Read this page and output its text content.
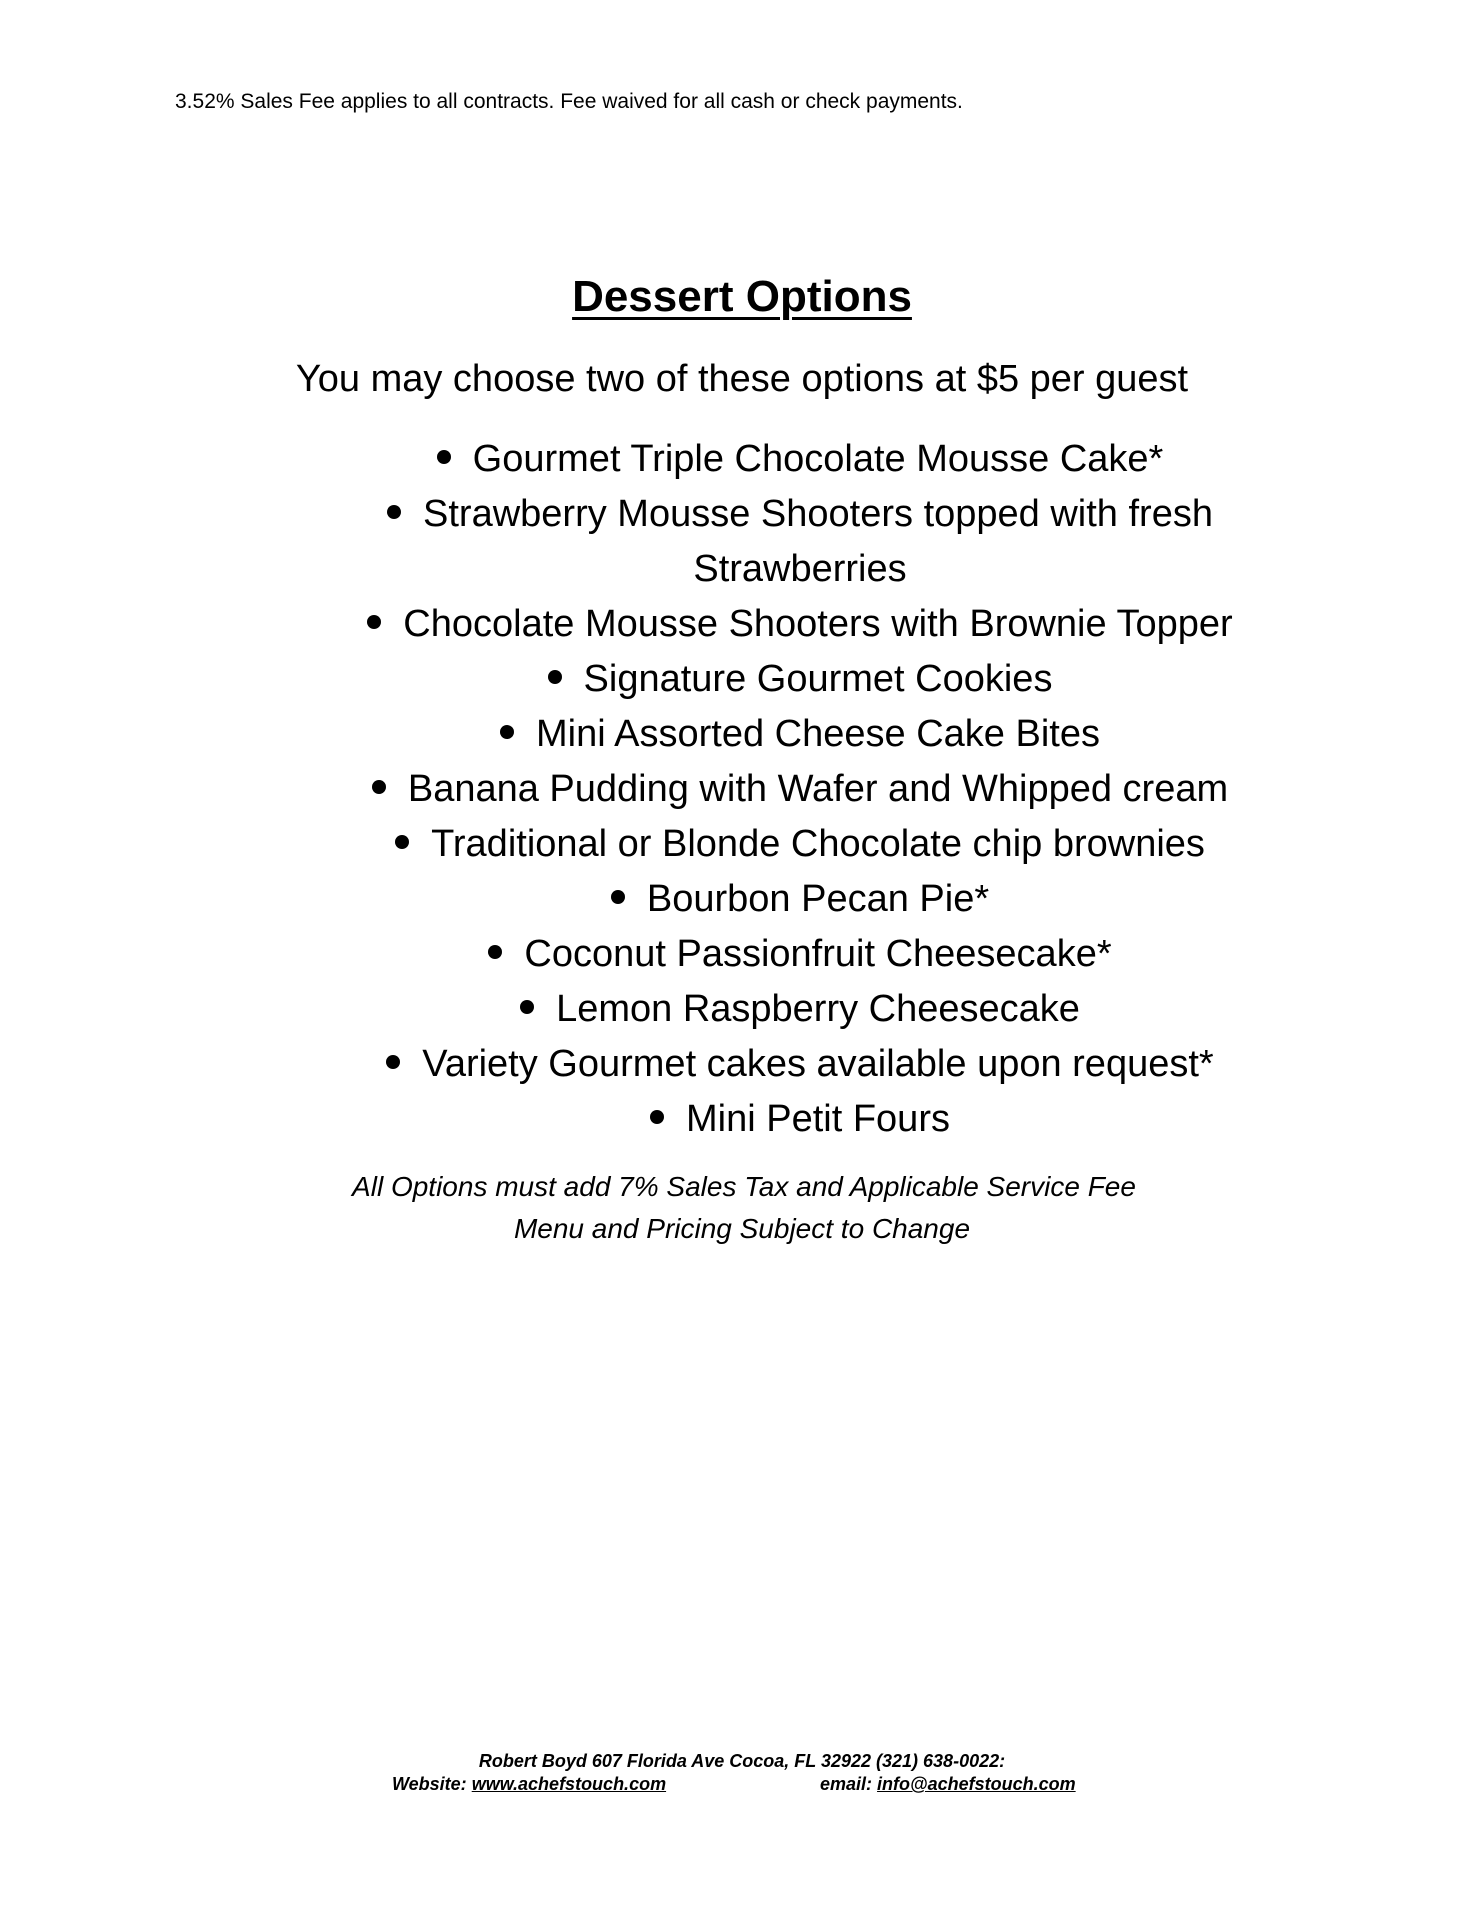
3.52% Sales Fee applies to all contracts. Fee waived for all cash or check payments.
Dessert Options
You may choose two of these options at $5 per guest
Gourmet Triple Chocolate Mousse Cake*
Strawberry Mousse Shooters topped with fresh Strawberries
Chocolate Mousse Shooters with Brownie Topper
Signature Gourmet Cookies
Mini Assorted Cheese Cake Bites
Banana Pudding with Wafer and Whipped cream
Traditional or Blonde Chocolate chip brownies
Bourbon Pecan Pie*
Coconut Passionfruit Cheesecake*
Lemon Raspberry Cheesecake
Variety Gourmet cakes available upon request*
Mini Petit Fours
All Options must add 7% Sales Tax and Applicable Service Fee
Menu and Pricing Subject to Change
Robert Boyd 607 Florida Ave Cocoa, FL 32922 (321) 638-0022:
Website: www.achefstouch.com	email: info@achefstouch.com
